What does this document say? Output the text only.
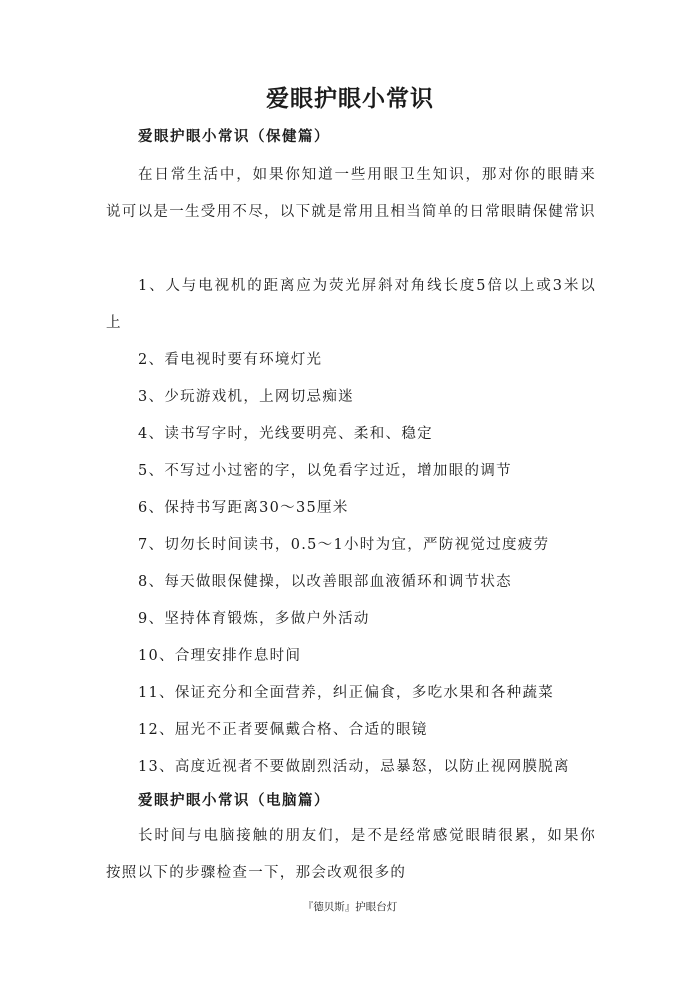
爱眼护眼小常识
爱眼护眼小常识（保健篇）

在日常生活中，如果你知道一些用眼卫生知识，那对你的眼睛来说可以是一生受用不尽，以下就是常用且相当简单的日常眼睛保健常识

1、人与电视机的距离应为荧光屏斜对角线长度5倍以上或3米以上

2、看电视时要有环境灯光

3、少玩游戏机，上网切忌痴迷

4、读书写字时，光线要明亮、柔和、稳定

5、不写过小过密的字，以免看字过近，增加眼的调节

6、保持书写距离30～35厘米

7、切勿长时间读书，0.5～1小时为宜，严防视觉过度疲劳

8、每天做眼保健操，以改善眼部血液循环和调节状态

9、坚持体育锻炼，多做户外活动

10、合理安排作息时间

11、保证充分和全面营养，纠正偏食，多吃水果和各种蔬菜

12、屈光不正者要佩戴合格、合适的眼镜

13、高度近视者不要做剧烈活动，忌暴怒，以防止视网膜脱离

爱眼护眼小常识（电脑篇）

长时间与电脑接触的朋友们，是不是经常感觉眼睛很累，如果你按照以下的步骤检查一下，那会改观很多的

『德贝斯』护眼台灯
